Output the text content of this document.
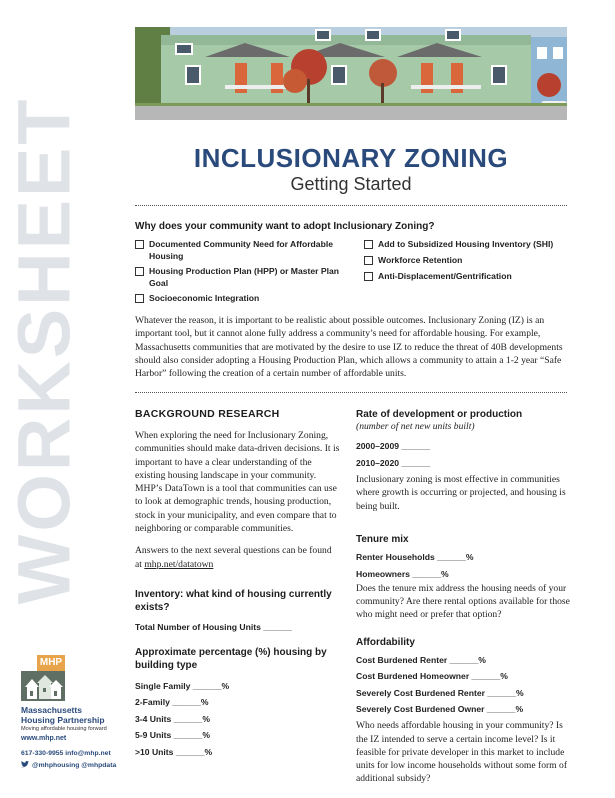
WORKSHEET	INCLUSIONARY ZONING
Getting Started
Why does your community want to adopt Inclusionary Zoning?
Documented Community Need for Affordable Housing
Housing Production Plan (HPP) or Master Plan Goal
Socioeconomic Integration
Add to Subsidized Housing Inventory (SHI)
Workforce Retention
Anti-Displacement/Gentrification
Whatever the reason, it is important to be realistic about possible outcomes. Inclusionary Zoning (IZ) is an important tool, but it cannot alone fully address a community’s need for affordable housing. For example, Massachusetts communities that are motivated by the desire to use IZ to reduce the threat of 40B developments should also consider adopting a Housing Production Plan, which allows a community to attain a 1-2 year “Safe Harbor” following the creation of a certain number of affordable units.
BACKGROUND RESEARCH
When exploring the need for Inclusionary Zoning, communities should make data-driven decisions. It is important to have a clear understanding of the existing housing landscape in your community. MHP’s DataTown is a tool that communities can use to look at demographic trends, housing production, stock in your municipality, and even compare that to neighboring or comparable communities.
Answers to the next several questions can be found at mhp.net/datatown
Inventory: what kind of housing currently exists?
Total Number of Housing Units ______
Approximate percentage (%) housing by building type
Single Family ______%
2-Family ______%
3-4 Units ______%
5-9 Units ______%
>10 Units ______%
Rate of development or production
(number of net new units built)
2000–2009 ______
2010–2020 ______
Inclusionary zoning is most effective in communities where growth is occurring or projected, and housing is being built.
Tenure mix
Renter Households ______%
Homeowners ______%
Does the tenure mix address the housing needs of your community? Are there rental options available for those who might need or prefer that option?
Affordability
Cost Burdened Renter ______%
Cost Burdened Homeowner ______%
Severely Cost Burdened Renter ______%
Severely Cost Burdened Owner ______%
Who needs affordable housing in your community? Is the IZ intended to serve a certain income level? Is it feasible for private developer in this market to include units for low income households without some form of additional subsidy?
MHP
Massachusetts
Housing Partnership
Moving affordable housing forward
www.mhp.net
617-330-9955 info@mhp.net
@mhphousing @mhpdata
